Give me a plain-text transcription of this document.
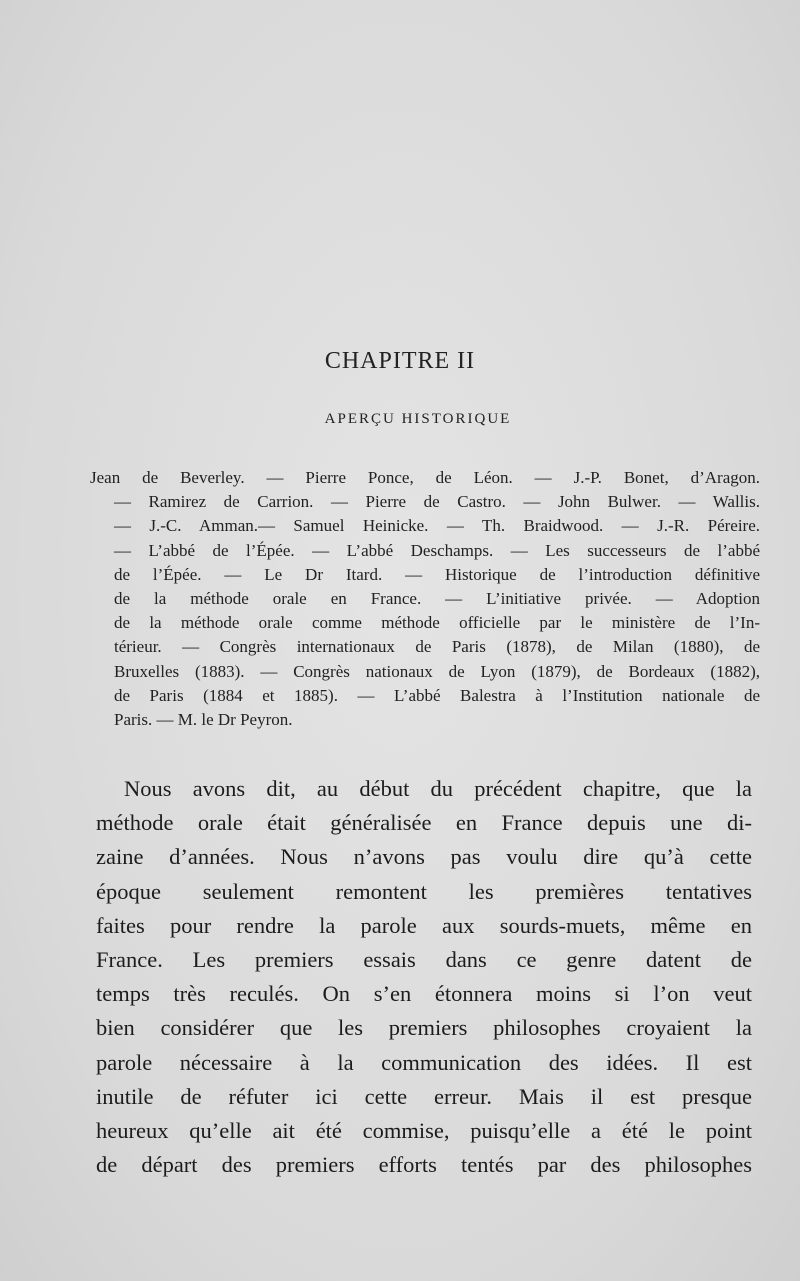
CHAPITRE II
APERÇU HISTORIQUE
Jean de Beverley. — Pierre Ponce, de Léon. — J.-P. Bonet, d’Aragon.
— Ramirez de Carrion. — Pierre de Castro. — John Bulwer. — Wallis.
— J.-C. Amman.— Samuel Heinicke. — Th. Braidwood. — J.-R. Péreire.
— L’abbé de l’Épée. — L’abbé Deschamps. — Les successeurs de l’abbé
de l’Épée. — Le Dr Itard. — Historique de l’introduction définitive
de la méthode orale en France. — L’initiative privée. — Adoption
de la méthode orale comme méthode officielle par le ministère de l’In-
térieur. — Congrès internationaux de Paris (1878), de Milan (1880), de
Bruxelles (1883). — Congrès nationaux de Lyon (1879), de Bordeaux (1882),
de Paris (1884 et 1885). — L’abbé Balestra à l’Institution nationale de
Paris. — M. le Dr Peyron.
Nous avons dit, au début du précédent chapitre, que la
méthode orale était généralisée en France depuis une di-
zaine d’années. Nous n’avons pas voulu dire qu’à cette
époque seulement remontent les premières tentatives
faites pour rendre la parole aux sourds-muets, même en
France. Les premiers essais dans ce genre datent de
temps très reculés. On s’en étonnera moins si l’on veut
bien considérer que les premiers philosophes croyaient la
parole nécessaire à la communication des idées. Il est
inutile de réfuter ici cette erreur. Mais il est presque
heureux qu’elle ait été commise, puisqu’elle a été le point
de départ des premiers efforts tentés par des philosophes
